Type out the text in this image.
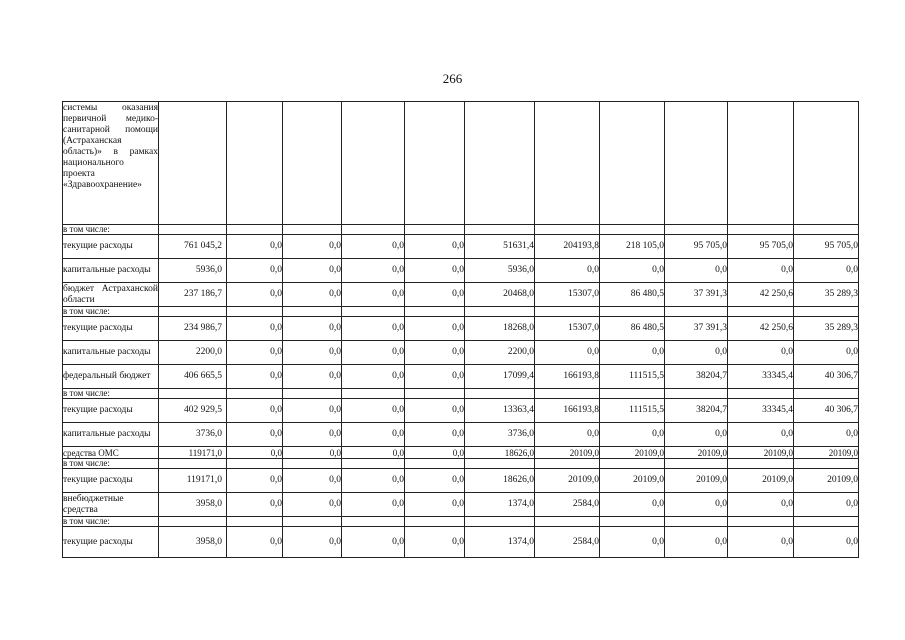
266
системы оказания первичной медико-санитарной помощи (Астраханская область)» в рамках национального проекта «Здравоохранение»											
в том числе:											
текущие расходы	761 045,2	0,0	0,0	0,0	0,0	51631,4	204193,8	218 105,0	95 705,0	95 705,0	95 705,0
капитальные расходы	5936,0	0,0	0,0	0,0	0,0	5936,0	0,0	0,0	0,0	0,0	0,0
бюджет Астраханской области	237 186,7	0,0	0,0	0,0	0,0	20468,0	15307,0	86 480,5	37 391,3	42 250,6	35 289,3
в том числе:											
текущие расходы	234 986,7	0,0	0,0	0,0	0,0	18268,0	15307,0	86 480,5	37 391,3	42 250,6	35 289,3
капитальные расходы	2200,0	0,0	0,0	0,0	0,0	2200,0	0,0	0,0	0,0	0,0	0,0
федеральный бюджет	406 665,5	0,0	0,0	0,0	0,0	17099,4	166193,8	111515,5	38204,7	33345,4	40 306,7
в том числе:											
текущие расходы	402 929,5	0,0	0,0	0,0	0,0	13363,4	166193,8	111515,5	38204,7	33345,4	40 306,7
капитальные расходы	3736,0	0,0	0,0	0,0	0,0	3736,0	0,0	0,0	0,0	0,0	0,0
средства ОМС	119171,0	0,0	0,0	0,0	0,0	18626,0	20109,0	20109,0	20109,0	20109,0	20109,0
в том числе:											
текущие расходы	119171,0	0,0	0,0	0,0	0,0	18626,0	20109,0	20109,0	20109,0	20109,0	20109,0
внебюджетные средства	3958,0	0,0	0,0	0,0	0,0	1374,0	2584,0	0,0	0,0	0,0	0,0
в том числе:											
текущие расходы	3958,0	0,0	0,0	0,0	0,0	1374,0	2584,0	0,0	0,0	0,0	0,0
